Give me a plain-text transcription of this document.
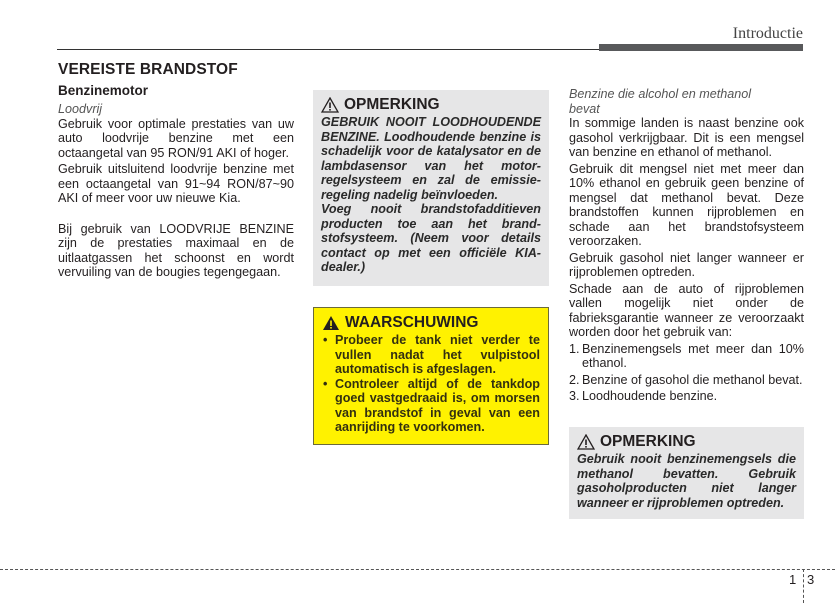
Introductie
VEREISTE BRANDSTOF
Benzinemotor

Loodvrij

Gebruik voor optimale prestaties van uw auto loodvrije benzine met een octaangetal van 95 RON/91 AKI of hoger.

Gebruik uitsluitend loodvrije benzine met een octaangetal van 91~94 RON/87~90 AKI of meer voor uw nieuwe Kia.

Bij gebruik van LOODVRIJE BENZINE zijn de prestaties maximaal en de uitlaatgassen het schoonst en wordt vervuiling van de bougies tegengegaan.

OPMERKING
GEBRUIK NOOIT LOODHOUDENDE BENZINE. Loodhoudende benzine is schadelijk voor de katalysator en de lambdasensor van het motor-regelsysteem en zal de emissie-regeling nadelig beïnvloeden.
Voeg nooit brandstofadditieven producten toe aan het brand-stofsysteem. (Neem voor details contact op met een officiële KIA-dealer.)
WAARSCHUWING
• Probeer de tank niet verder te vullen nadat het vulpistool automatisch is afgeslagen.
• Controleer altijd of de tankdop goed vastgedraaid is, om morsen van brandstof in geval van een aanrijding te voorkomen.

Benzine die alcohol en methanol bevat

In sommige landen is naast benzine ook gasohol verkrijgbaar. Dit is een mengsel van benzine en ethanol of methanol.

Gebruik dit mengsel niet met meer dan 10% ethanol en gebruik geen benzine of mengsel dat methanol bevat. Deze brandstoffen kunnen rijproblemen en schade aan het brandstofsysteem veroorzaken.

Gebruik gasohol niet langer wanneer er rijproblemen optreden.

Schade aan de auto of rijproblemen vallen mogelijk niet onder de fabrieksgarantie wanneer ze veroorzaakt worden door het gebruik van:

1. Benzinemengsels met meer dan 10% ethanol.
2. Benzine of gasohol die methanol bevat.
3. Loodhoudende benzine.
OPMERKING
Gebruik nooit benzinemengsels die methanol bevatten. Gebruik gasoholproducten niet langer wanneer er rijproblemen optreden.
1 3
